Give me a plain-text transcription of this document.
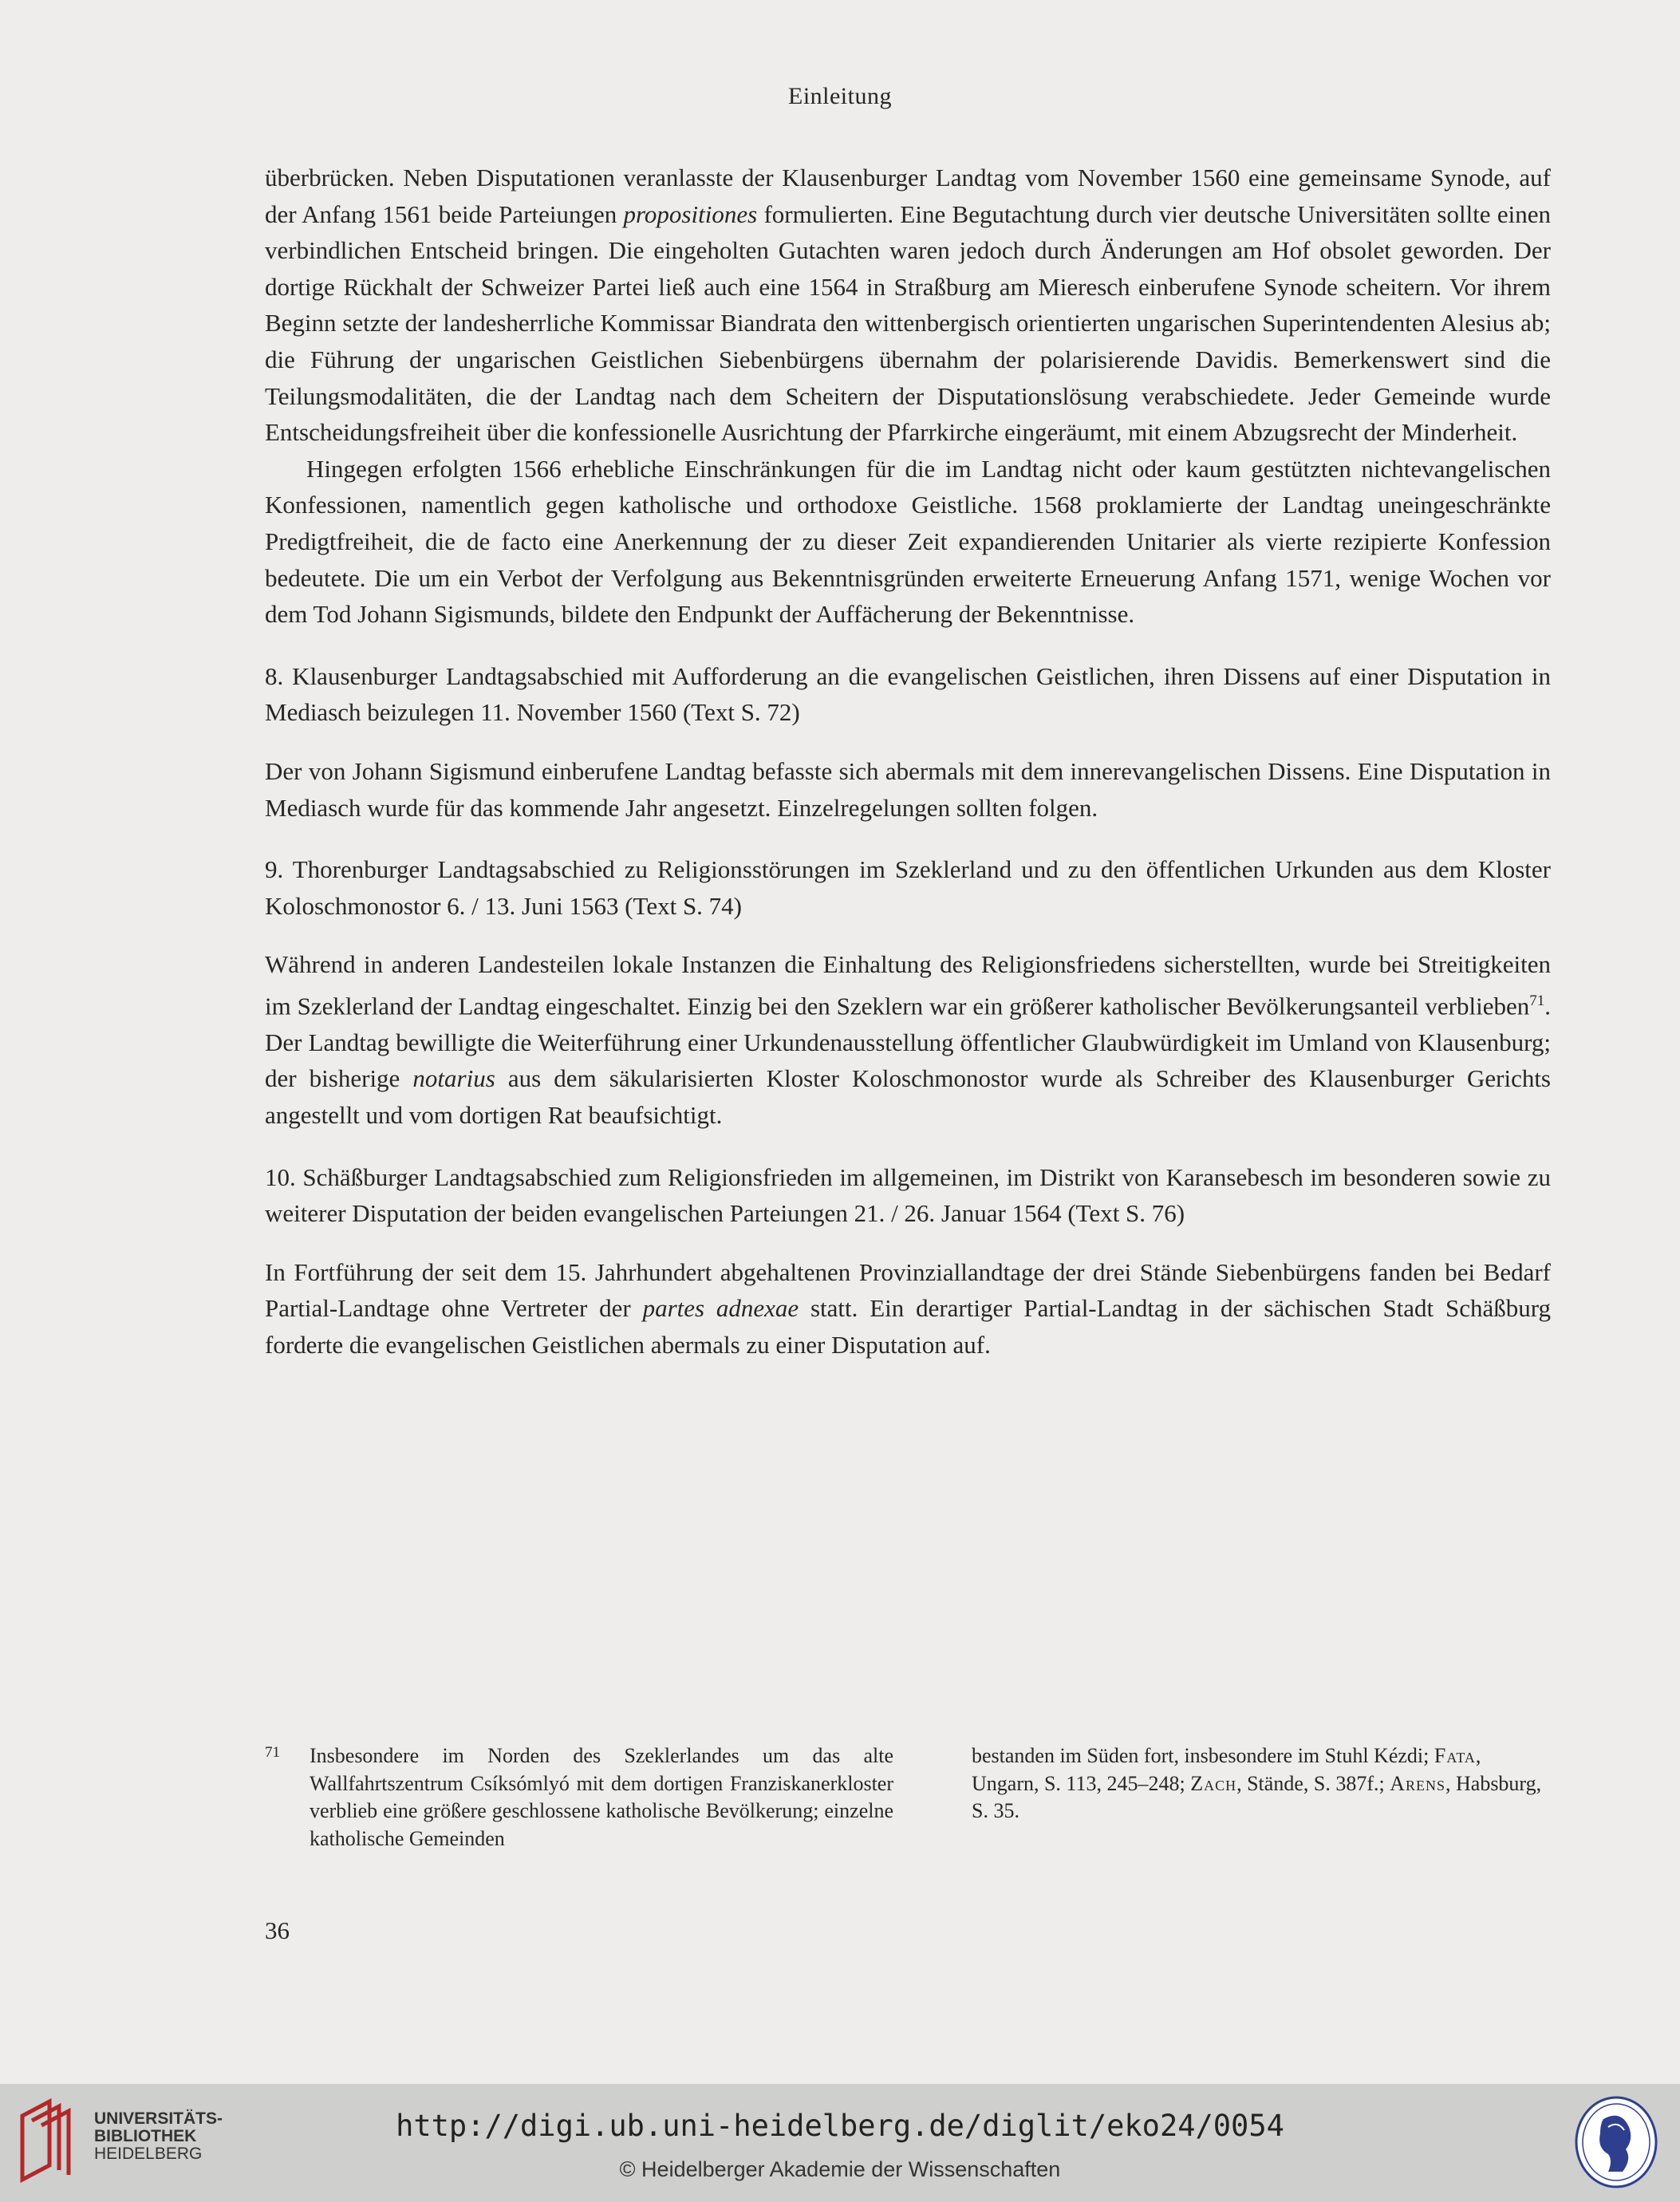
Einleitung

überbrücken. Neben Disputationen veranlasste der Klausenburger Landtag vom November 1560 eine gemeinsame Synode, auf der Anfang 1561 beide Parteiungen propositiones formulierten. Eine Begutachtung durch vier deutsche Universitäten sollte einen verbindlichen Entscheid bringen. Die eingeholten Gutachten waren jedoch durch Änderungen am Hof obsolet geworden. Der dortige Rückhalt der Schweizer Partei ließ auch eine 1564 in Straßburg am Mieresch einberufene Synode scheitern. Vor ihrem Beginn setzte der landesherrliche Kommissar Biandrata den wittenbergisch orientierten ungarischen Superintendenten Alesius ab; die Führung der ungarischen Geistlichen Siebenbürgens übernahm der polarisierende Davidis. Bemerkenswert sind die Teilungsmodalitäten, die der Landtag nach dem Scheitern der Disputationslösung verabschiedete. Jeder Gemeinde wurde Entscheidungsfreiheit über die konfessionelle Ausrichtung der Pfarrkirche eingeräumt, mit einem Abzugsrecht der Minderheit.

Hingegen erfolgten 1566 erhebliche Einschränkungen für die im Landtag nicht oder kaum gestützten nichtevangelischen Konfessionen, namentlich gegen katholische und orthodoxe Geistliche. 1568 proklamierte der Landtag uneingeschränkte Predigtfreiheit, die de facto eine Anerkennung der zu dieser Zeit expandierenden Unitarier als vierte rezipierte Konfession bedeutete. Die um ein Verbot der Verfolgung aus Bekenntnisgründen erweiterte Erneuerung Anfang 1571, wenige Wochen vor dem Tod Johann Sigismunds, bildete den Endpunkt der Auffächerung der Bekenntnisse.

8. Klausenburger Landtagsabschied mit Aufforderung an die evangelischen Geistlichen, ihren Dissens auf einer Disputation in Mediasch beizulegen 11. November 1560 (Text S. 72)

Der von Johann Sigismund einberufene Landtag befasste sich abermals mit dem innerevangelischen Dissens. Eine Disputation in Mediasch wurde für das kommende Jahr angesetzt. Einzelregelungen sollten folgen.

9. Thorenburger Landtagsabschied zu Religionsstörungen im Szeklerland und zu den öffentlichen Urkunden aus dem Kloster Koloschmonostor 6. / 13. Juni 1563 (Text S. 74)

Während in anderen Landesteilen lokale Instanzen die Einhaltung des Religionsfriedens sicherstellten, wurde bei Streitigkeiten im Szeklerland der Landtag eingeschaltet. Einzig bei den Szeklern war ein größerer katholischer Bevölkerungsanteil verblieben$^{71}$. Der Landtag bewilligte die Weiterführung einer Urkundenausstellung öffentlicher Glaubwürdigkeit im Umland von Klausenburg; der bisherige notarius aus dem säkularisierten Kloster Koloschmonostor wurde als Schreiber des Klausenburger Gerichts angestellt und vom dortigen Rat beaufsichtigt.

10. Schäßburger Landtagsabschied zum Religionsfrieden im allgemeinen, im Distrikt von Karansebesch im besonderen sowie zu weiterer Disputation der beiden evangelischen Parteiungen 21. / 26. Januar 1564 (Text S. 76)

In Fortführung der seit dem 15. Jahrhundert abgehaltenen Provinziallandtage der drei Stände Siebenbürgens fanden bei Bedarf Partial-Landtage ohne Vertreter der partes adnexae statt. Ein derartiger Partial-Landtag in der sächischen Stadt Schäßburg forderte die evangelischen Geistlichen abermals zu einer Disputation auf.

71 Insbesondere im Norden des Szeklerlandes um das alte Wallfahrtszentrum Csíksómlyó mit dem dortigen Franziskanerkloster verblieb eine größere geschlossene katholische Bevölkerung; einzelne katholische Gemeinden
bestanden im Süden fort, insbesondere im Stuhl Kézdi; Fata, Ungarn, S. 113, 245–248; Zach, Stände, S. 387f.; Arens, Habsburg, S. 35.
36
UNIVERSITÄTS-
BIBLIOTHEK
HEIDELBERG
http://digi.ub.uni-heidelberg.de/diglit/eko24/0054
© Heidelberger Akademie der Wissenschaften
